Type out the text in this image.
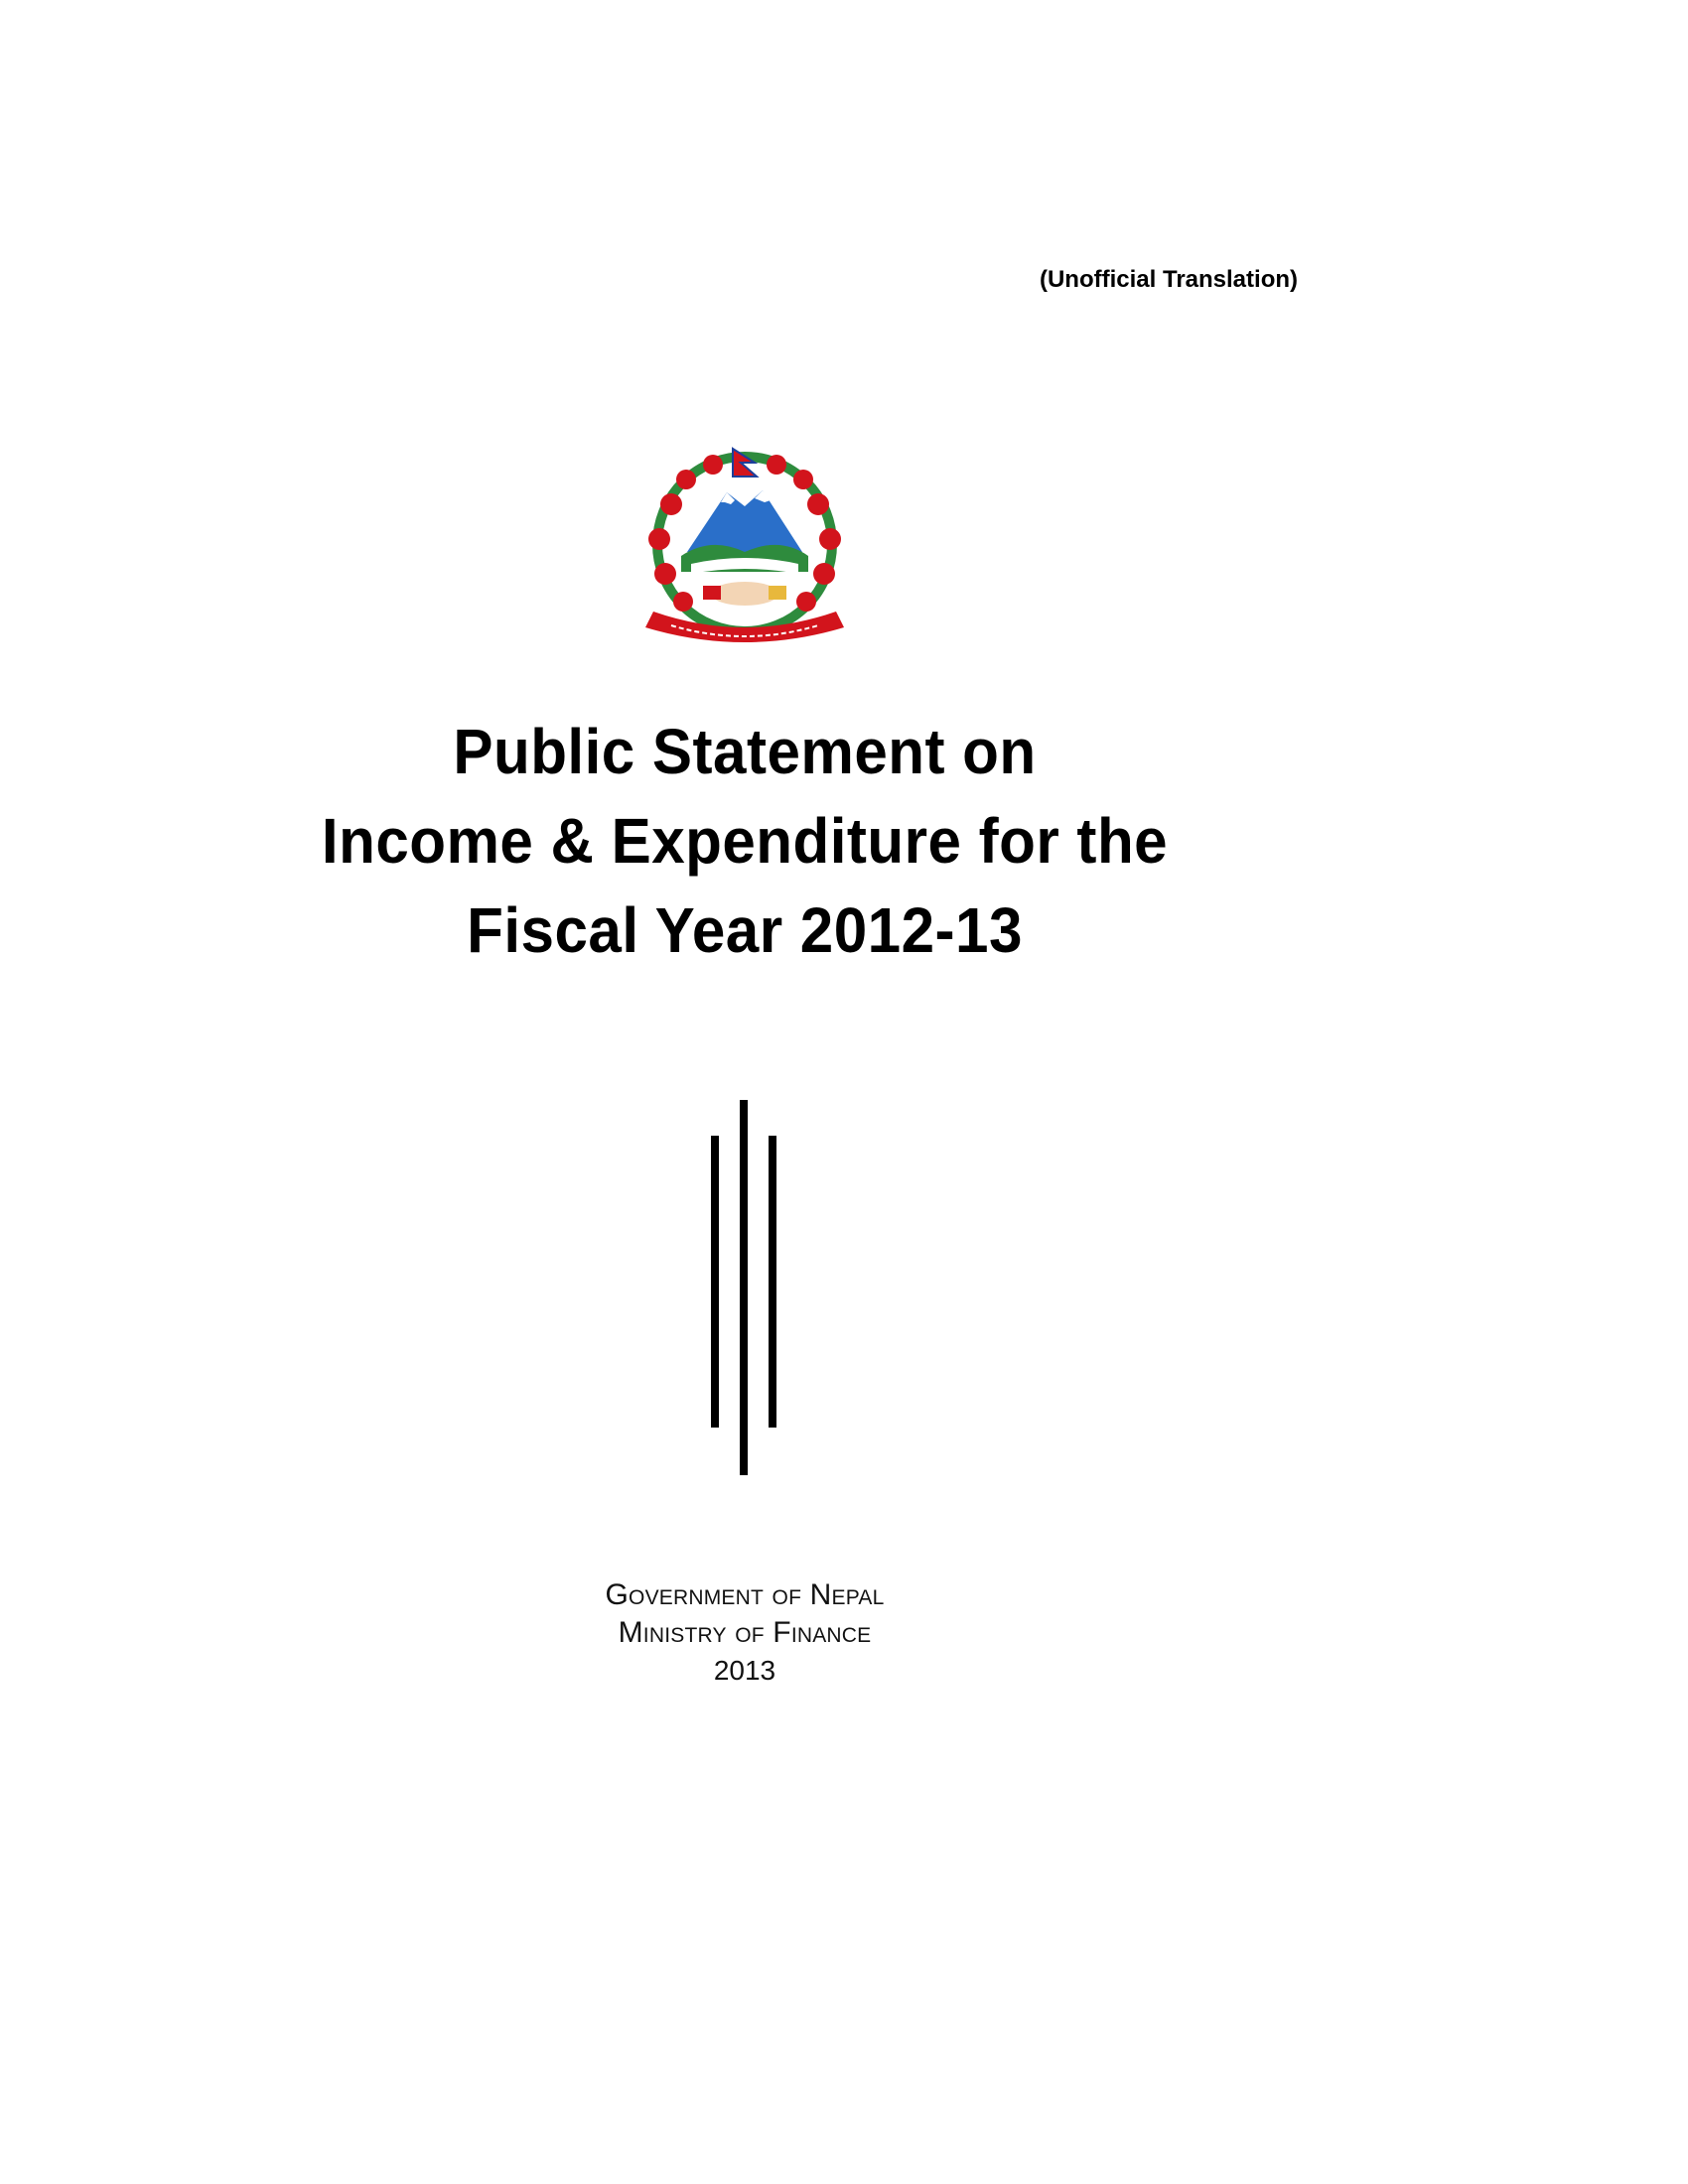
(Unofficial Translation)
Public Statement on
Income & Expenditure for the
Fiscal Year 2012-13
Government of Nepal
Ministry of Finance
2013
